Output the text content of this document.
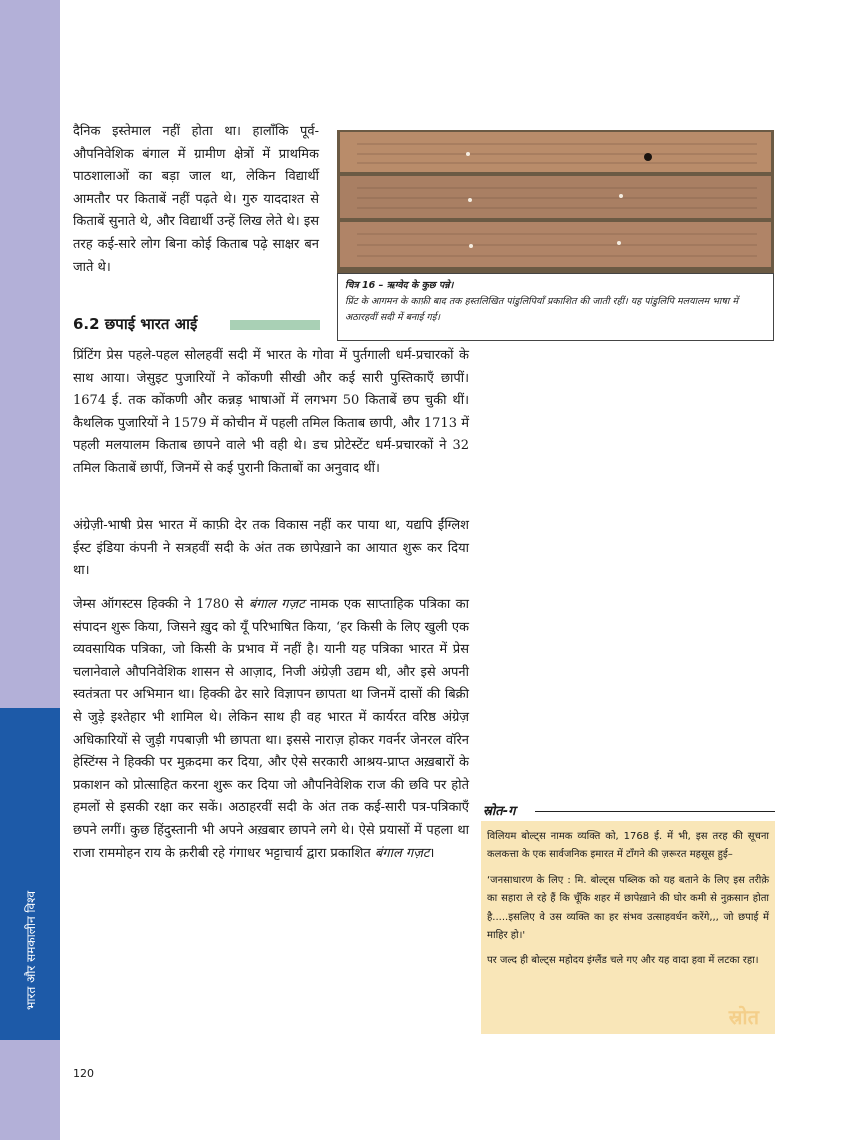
भारत और समकालीन विश्व

दैनिक इस्तेमाल नहीं होता था। हालाँकि पूर्व-औपनिवेशिक बंगाल में ग्रामीण क्षेत्रों में प्राथमिक पाठशालाओं का बड़ा जाल था, लेकिन विद्यार्थी आमतौर पर किताबें नहीं पढ़ते थे। गुरु याददाश्त से किताबें सुनाते थे, और विद्यार्थी उन्हें लिख लेते थे। इस तरह कई-सारे लोग बिना कोई किताब पढ़े साक्षर बन जाते थे।

चित्र 16 – ऋग्वेद के कुछ पन्ने।
प्रिंट के आगमन के काफ़ी बाद तक हस्तलिखित पांडुलिपियाँ प्रकाशित की जाती रहीं। यह पांडुलिपि मलयालम भाषा में अठारहवीं सदी में बनाई गई।
6.2 छपाई भारत आई

प्रिंटिंग प्रेस पहले-पहल सोलहवीं सदी में भारत के गोवा में पुर्तगाली धर्म-प्रचारकों के साथ आया। जेसुइट पुजारियों ने कोंकणी सीखी और कई सारी पुस्तिकाएँ छापीं। 1674 ई. तक कोंकणी और कन्नड़ भाषाओं में लगभग 50 किताबें छप चुकी थीं। कैथलिक पुजारियों ने 1579 में कोचीन में पहली तमिल किताब छापी, और 1713 में पहली मलयालम किताब छापने वाले भी वही थे। डच प्रोटेस्टेंट धर्म-प्रचारकों ने 32 तमिल किताबें छापीं, जिनमें से कई पुरानी किताबों का अनुवाद थीं।

अंग्रेज़ी-भाषी प्रेस भारत में काफ़ी देर तक विकास नहीं कर पाया था, यद्यपि ईंग्लिश ईस्ट इंडिया कंपनी ने सत्रहवीं सदी के अंत तक छापेख़ाने का आयात शुरू कर दिया था।

जेम्स ऑगस्टस हिक्की ने 1780 से बंगाल गज़ट नामक एक साप्ताहिक पत्रिका का संपादन शुरू किया, जिसने ख़ुद को यूँ परिभाषित किया, ‘हर किसी के लिए खुली एक व्यवसायिक पत्रिका, जो किसी के प्रभाव में नहीं है। यानी यह पत्रिका भारत में प्रेस चलानेवाले औपनिवेशिक शासन से आज़ाद, निजी अंग्रेज़ी उद्यम थी, और इसे अपनी स्वतंत्रता पर अभिमान था। हिक्की ढेर सारे विज्ञापन छापता था जिनमें दासों की बिक्री से जुड़े इश्तेहार भी शामिल थे। लेकिन साथ ही वह भारत में कार्यरत वरिष्ठ अंग्रेज़ अधिकारियों से जुड़ी गपबाज़ी भी छापता था। इससे नाराज़ होकर गवर्नर जेनरल वॉरेन हेस्टिंग्स ने हिक्की पर मुक़दमा कर दिया, और ऐसे सरकारी आश्रय-प्राप्त अख़बारों के प्रकाशन को प्रोत्साहित करना शुरू कर दिया जो औपनिवेशिक राज की छवि पर होते हमलों से इसकी रक्षा कर सकें। अठाहरवीं सदी के अंत तक कई-सारी पत्र-पत्रिकाएँ छपने लगीं। कुछ हिंदुस्तानी भी अपने अख़बार छापने लगे थे। ऐसे प्रयासों में पहला था राजा राममोहन राय के क़रीबी रहे गंगाधर भट्टाचार्य द्वारा प्रकाशित बंगाल गज़ट।

स्रोत-ग

विलियम बोल्ट्स नामक व्यक्ति को, 1768 ई. में भी, इस तरह की सूचना कलकत्ता के एक सार्वजनिक इमारत में टाँगने की ज़रूरत महसूस हुई–

‘जनसाधारण के लिए : मि. बोल्ट्स पब्लिक को यह बताने के लिए इस तरीक़े का सहारा ले रहे हैं कि चूँकि शहर में छापेख़ाने की घोर कमी से नुक़सान होता है.....इसलिए वे उस व्यक्ति का हर संभव उत्साहवर्धन करेंगे,,, जो छपाई में माहिर हो।'

पर जल्द ही बोल्ट्स महोदय इंग्लैंड चले गए और यह वादा हवा में लटका रहा।

स्रोत
120
